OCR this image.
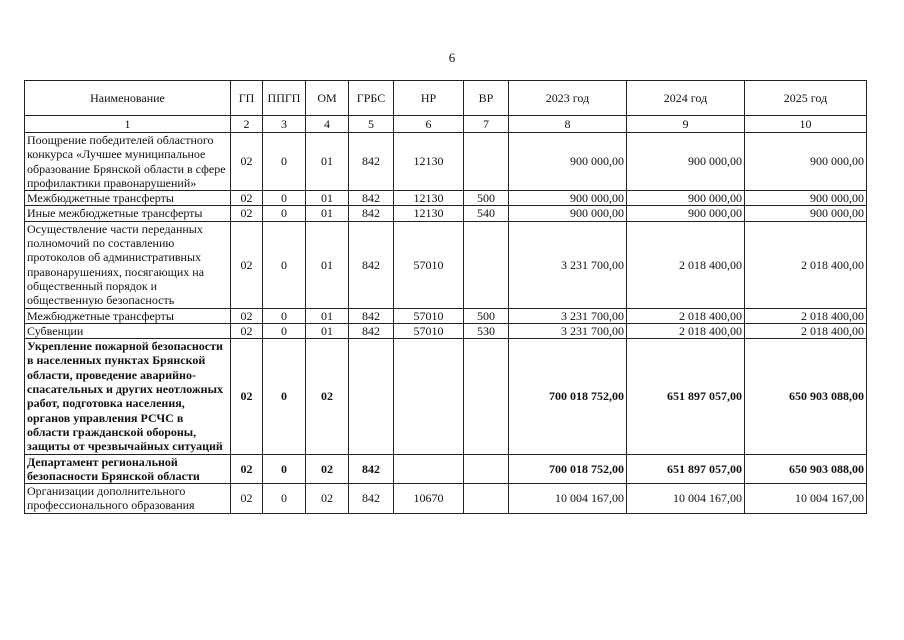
6
Наименование	ГП	ППГП	ОМ	ГРБС	НР	ВР	2023 год	2024 год	2025 год
1	2	3	4	5	6	7	8	9	10
Поощрение победителей областного конкурса «Лучшее муниципальное образование Брянской области в сфере профилактики правонарушений»	02	0	01	842	12130		900 000,00	900 000,00	900 000,00
Межбюджетные трансферты	02	0	01	842	12130	500	900 000,00	900 000,00	900 000,00
Иные межбюджетные трансферты	02	0	01	842	12130	540	900 000,00	900 000,00	900 000,00
Осуществление части переданных полномочий по составлению протоколов об административных правонарушениях, посягающих на общественный порядок и общественную безопасность	02	0	01	842	57010		3 231 700,00	2 018 400,00	2 018 400,00
Межбюджетные трансферты	02	0	01	842	57010	500	3 231 700,00	2 018 400,00	2 018 400,00
Субвенции	02	0	01	842	57010	530	3 231 700,00	2 018 400,00	2 018 400,00
Укрепление пожарной безопасности в населенных пунктах Брянской области, проведение аварийно-спасательных и других неотложных работ, подготовка населения, органов управления РСЧС в области гражданской обороны, защиты от чрезвычайных ситуаций	02	0	02				700 018 752,00	651 897 057,00	650 903 088,00
Департамент региональной безопасности Брянской области	02	0	02	842			700 018 752,00	651 897 057,00	650 903 088,00
Организации дополнительного профессионального образования	02	0	02	842	10670		10 004 167,00	10 004 167,00	10 004 167,00
